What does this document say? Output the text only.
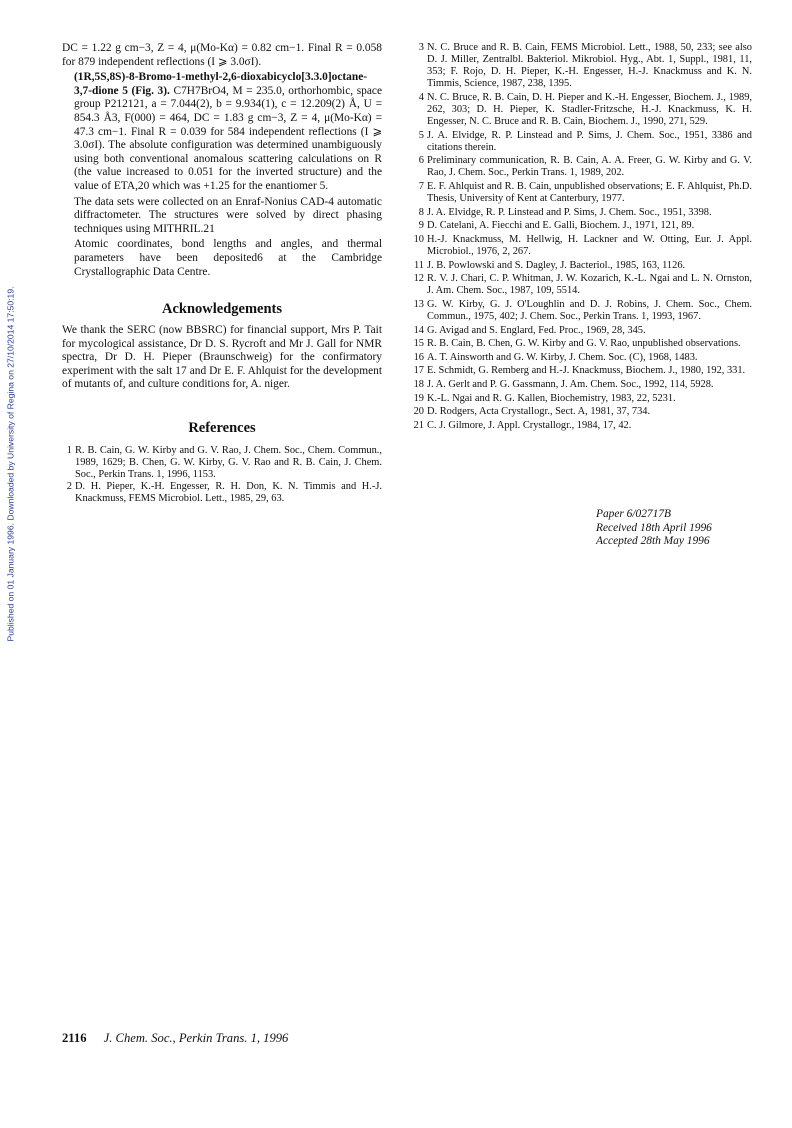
Published on 01 January 1996. Downloaded by University of Regina on 27/10/2014 17:50:19.

DC = 1.22 g cm−3, Z = 4, μ(Mo-Kα) = 0.82 cm−1. Final R = 0.058 for 879 independent reflections (I ⩾ 3.0σI).

(1R,5S,8S)-8-Bromo-1-methyl-2,6-dioxabicyclo[3.3.0]octane-3,7-dione 5 (Fig. 3). C7H7BrO4, M = 235.0, orthorhombic, space group P212121, a = 7.044(2), b = 9.934(1), c = 12.209(2) Å, U = 854.3 Å3, F(000) = 464, DC = 1.83 g cm−3, Z = 4, μ(Mo-Kα) = 47.3 cm−1. Final R = 0.039 for 584 independent reflections (I ⩾ 3.0σI). The absolute configuration was determined unambiguously using both conventional anomalous scattering calculations on R (the value increased to 0.051 for the inverted structure) and the value of ETA,20 which was +1.25 for the enantiomer 5.

The data sets were collected on an Enraf-Nonius CAD-4 automatic diffractometer. The structures were solved by direct phasing techniques using MITHRIL.21

Atomic coordinates, bond lengths and angles, and thermal parameters have been deposited6 at the Cambridge Crystallographic Data Centre.

Acknowledgements

We thank the SERC (now BBSRC) for financial support, Mrs P. Tait for mycological assistance, Dr D. S. Rycroft and Mr J. Gall for NMR spectra, Dr D. H. Pieper (Braunschweig) for the confirmatory experiment with the salt 17 and Dr E. F. Ahlquist for the development of mutants of, and culture conditions for, A. niger.

References
1 R. B. Cain, G. W. Kirby and G. V. Rao, J. Chem. Soc., Chem. Commun., 1989, 1629; B. Chen, G. W. Kirby, G. V. Rao and R. B. Cain, J. Chem. Soc., Perkin Trans. 1, 1996, 1153.
2 D. H. Pieper, K.-H. Engesser, R. H. Don, K. N. Timmis and H.-J. Knackmuss, FEMS Microbiol. Lett., 1985, 29, 63.
3 N. C. Bruce and R. B. Cain, FEMS Microbiol. Lett., 1988, 50, 233; see also D. J. Miller, Zentralbl. Bakteriol. Mikrobiol. Hyg., Abt. 1, Suppl., 1981, 11, 353; F. Rojo, D. H. Pieper, K.-H. Engesser, H.-J. Knackmuss and K. N. Timmis, Science, 1987, 238, 1395.
4 N. C. Bruce, R. B. Cain, D. H. Pieper and K.-H. Engesser, Biochem. J., 1989, 262, 303; D. H. Pieper, K. Stadler-Fritzsche, H.-J. Knackmuss, K. H. Engesser, N. C. Bruce and R. B. Cain, Biochem. J., 1990, 271, 529.
5 J. A. Elvidge, R. P. Linstead and P. Sims, J. Chem. Soc., 1951, 3386 and citations therein.
6 Preliminary communication, R. B. Cain, A. A. Freer, G. W. Kirby and G. V. Rao, J. Chem. Soc., Perkin Trans. 1, 1989, 202.
7 E. F. Ahlquist and R. B. Cain, unpublished observations; E. F. Ahlquist, Ph.D. Thesis, University of Kent at Canterbury, 1977.
8 J. A. Elvidge, R. P. Linstead and P. Sims, J. Chem. Soc., 1951, 3398.
9 D. Catelani, A. Fiecchi and E. Galli, Biochem. J., 1971, 121, 89.
10 H.-J. Knackmuss, M. Hellwig, H. Lackner and W. Otting, Eur. J. Appl. Microbiol., 1976, 2, 267.
11 J. B. Powlowski and S. Dagley, J. Bacteriol., 1985, 163, 1126.
12 R. V. J. Chari, C. P. Whitman, J. W. Kozarich, K.-L. Ngai and L. N. Ornston, J. Am. Chem. Soc., 1987, 109, 5514.
13 G. W. Kirby, G. J. O'Loughlin and D. J. Robins, J. Chem. Soc., Chem. Commun., 1975, 402; J. Chem. Soc., Perkin Trans. 1, 1993, 1967.
14 G. Avigad and S. Englard, Fed. Proc., 1969, 28, 345.
15 R. B. Cain, B. Chen, G. W. Kirby and G. V. Rao, unpublished observations.
16 A. T. Ainsworth and G. W. Kirby, J. Chem. Soc. (C), 1968, 1483.
17 E. Schmidt, G. Remberg and H.-J. Knackmuss, Biochem. J., 1980, 192, 331.
18 J. A. Gerlt and P. G. Gassmann, J. Am. Chem. Soc., 1992, 114, 5928.
19 K.-L. Ngai and R. G. Kallen, Biochemistry, 1983, 22, 5231.
20 D. Rodgers, Acta Crystallogr., Sect. A, 1981, 37, 734.
21 C. J. Gilmore, J. Appl. Crystallogr., 1984, 17, 42.
Paper 6/02717B
Received 18th April 1996
Accepted 28th May 1996
2116 J. Chem. Soc., Perkin Trans. 1, 1996
